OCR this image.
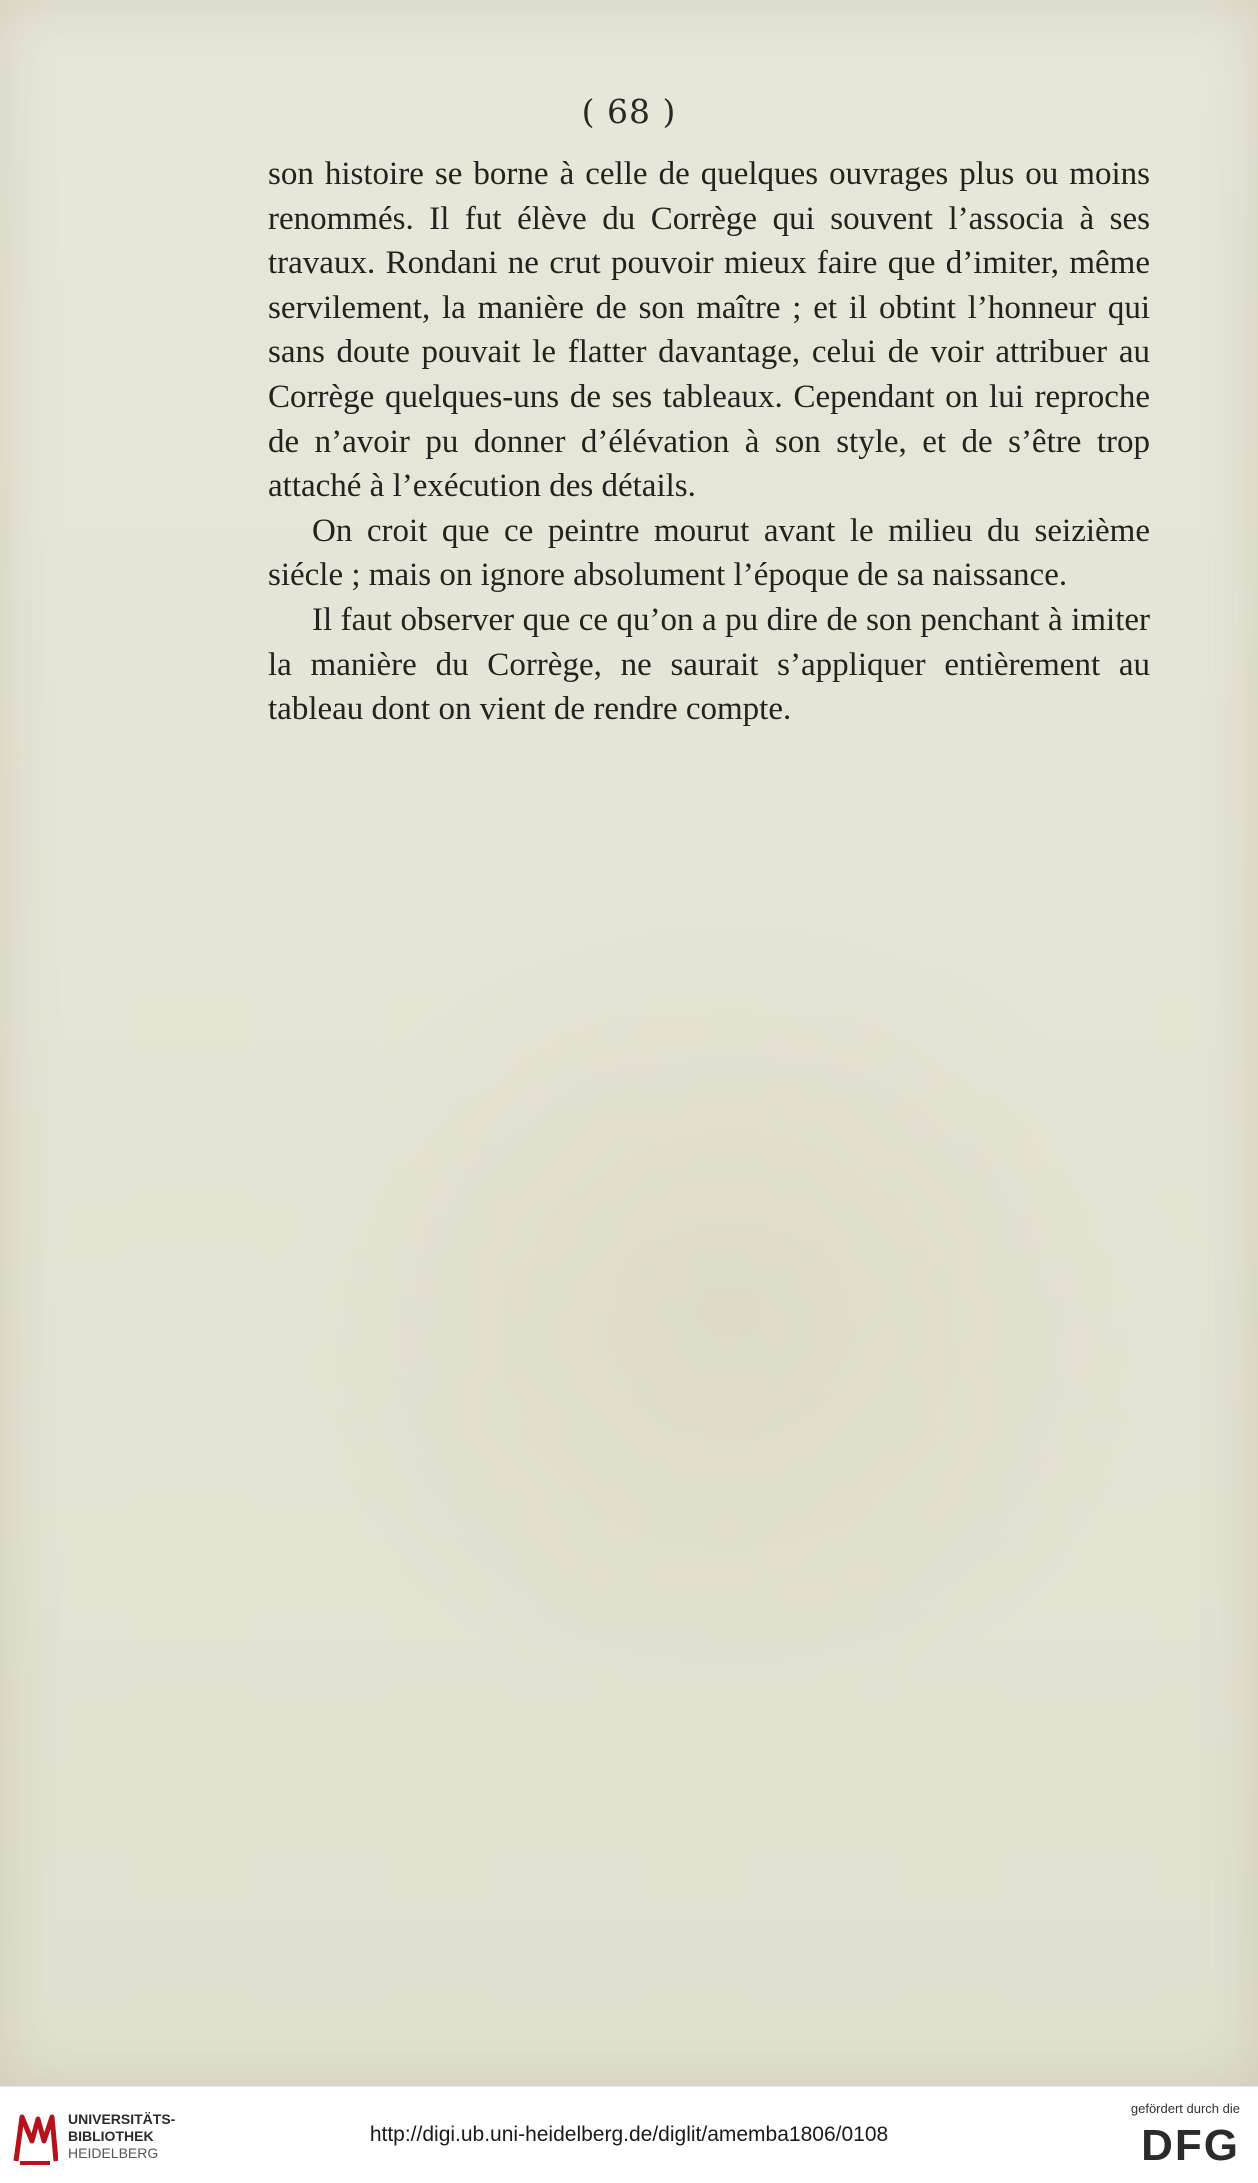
( 68 )

son histoire se borne à celle de quelques ouvrages plus ou moins renommés. Il fut élève du Corrège qui souvent l’associa à ses travaux. Rondani ne crut pouvoir mieux faire que d’imiter, même servilement, la manière de son maître ; et il obtint l’honneur qui sans doute pouvait le flatter davantage, celui de voir attribuer au Corrège quelques-uns de ses tableaux. Cependant on lui reproche de n’avoir pu donner d’élévation à son style, et de s’être trop attaché à l’exécution des détails.

On croit que ce peintre mourut avant le milieu du seizième siécle ; mais on ignore absolument l’époque de sa naissance.

Il faut observer que ce qu’on a pu dire de son penchant à imiter la manière du Corrège, ne saurait s’appliquer entièrement au tableau dont on vient de rendre compte.

UNIVERSITÄTS-
BIBLIOTHEK
HEIDELBERG
http://digi.ub.uni-heidelberg.de/diglit/amemba1806/0108
gefördert durch die
DFG
